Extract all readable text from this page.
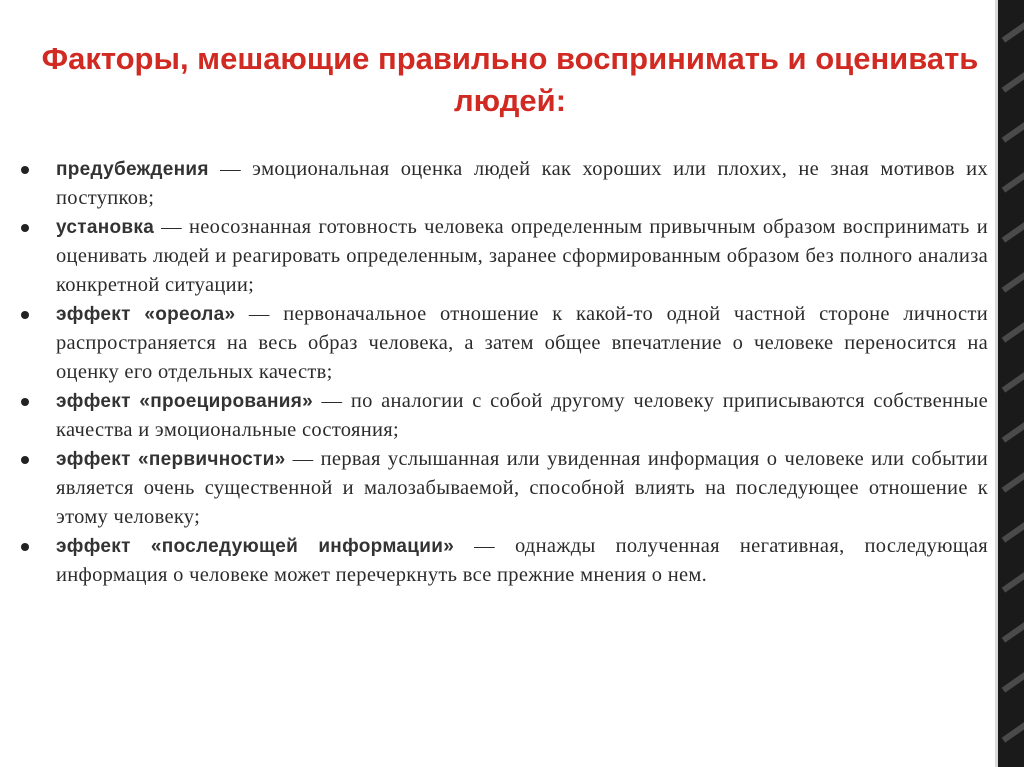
Факторы, мешающие правильно воспринимать и оценивать людей:
предубеждения — эмоциональная оценка людей как хороших или плохих, не зная мотивов их поступков;
установка — неосознанная готовность человека определенным привычным образом воспринимать и оценивать людей и реагировать определенным, заранее сформированным образом без полного анализа конкретной ситуации;
эффект «ореола» — первоначальное отношение к какой-то одной частной стороне личности распространяется на весь образ человека, а затем общее впечатление о человеке переносится на оценку его отдельных качеств;
эффект «проецирования» — по аналогии с собой другому человеку приписываются собственные качества и эмоциональные состояния;
эффект «первичности» — первая услышанная или увиденная информация о человеке или событии является очень существенной и малозабываемой, способной влиять на последующее отношение к этому человеку;
эффект «последующей информации» — однажды полученная негативная, последующая информация о человеке может перечеркнуть все прежние мнения о нем.
